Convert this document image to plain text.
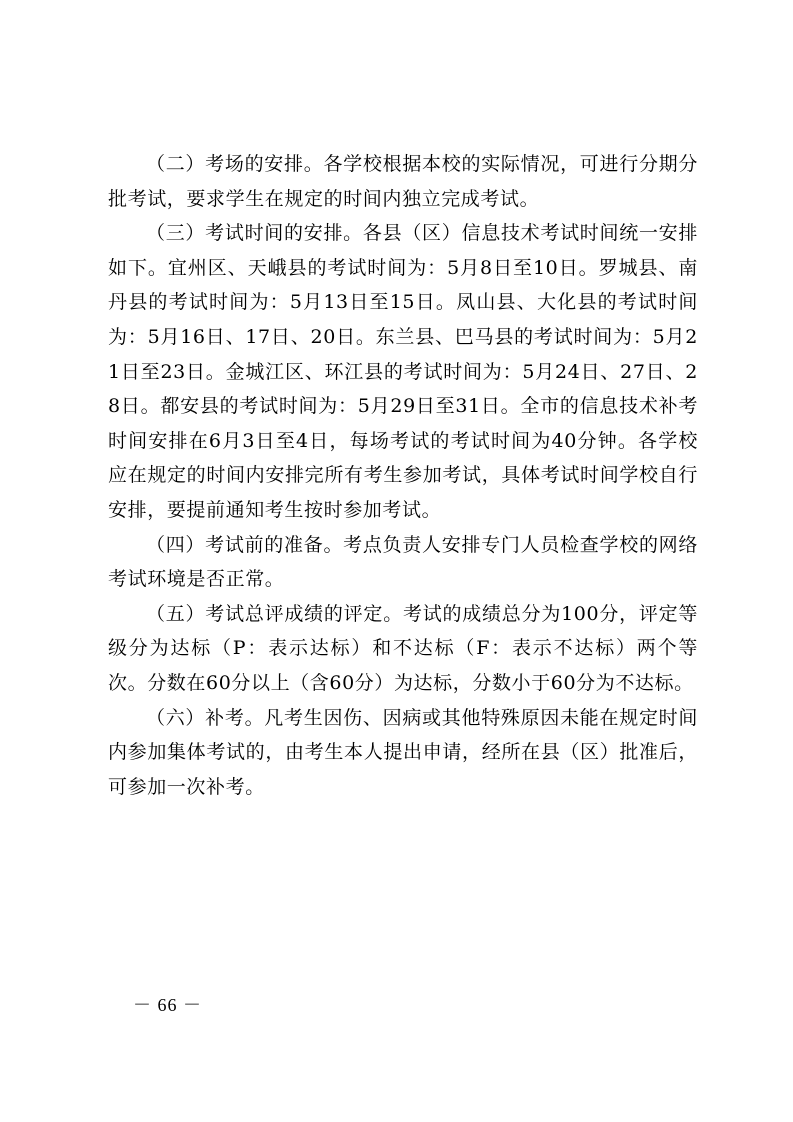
（二）考场的安排。各学校根据本校的实际情况，可进行分期分批考试，要求学生在规定的时间内独立完成考试。

（三）考试时间的安排。各县（区）信息技术考试时间统一安排如下。宜州区、天峨县的考试时间为：5月8日至10日。罗城县、南丹县的考试时间为：5月13日至15日。凤山县、大化县的考试时间为：5月16日、17日、20日。东兰县、巴马县的考试时间为：5月21日至23日。金城江区、环江县的考试时间为：5月24日、27日、28日。都安县的考试时间为：5月29日至31日。全市的信息技术补考时间安排在6月3日至4日，每场考试的考试时间为40分钟。各学校应在规定的时间内安排完所有考生参加考试，具体考试时间学校自行安排，要提前通知考生按时参加考试。

（四）考试前的准备。考点负责人安排专门人员检查学校的网络考试环境是否正常。

（五）考试总评成绩的评定。考试的成绩总分为100分，评定等级分为达标（P：表示达标）和不达标（F：表示不达标）两个等次。分数在60分以上（含60分）为达标，分数小于60分为不达标。

（六）补考。凡考生因伤、因病或其他特殊原因未能在规定时间内参加集体考试的，由考生本人提出申请，经所在县（区）批准后，可参加一次补考。

－ 66 －
